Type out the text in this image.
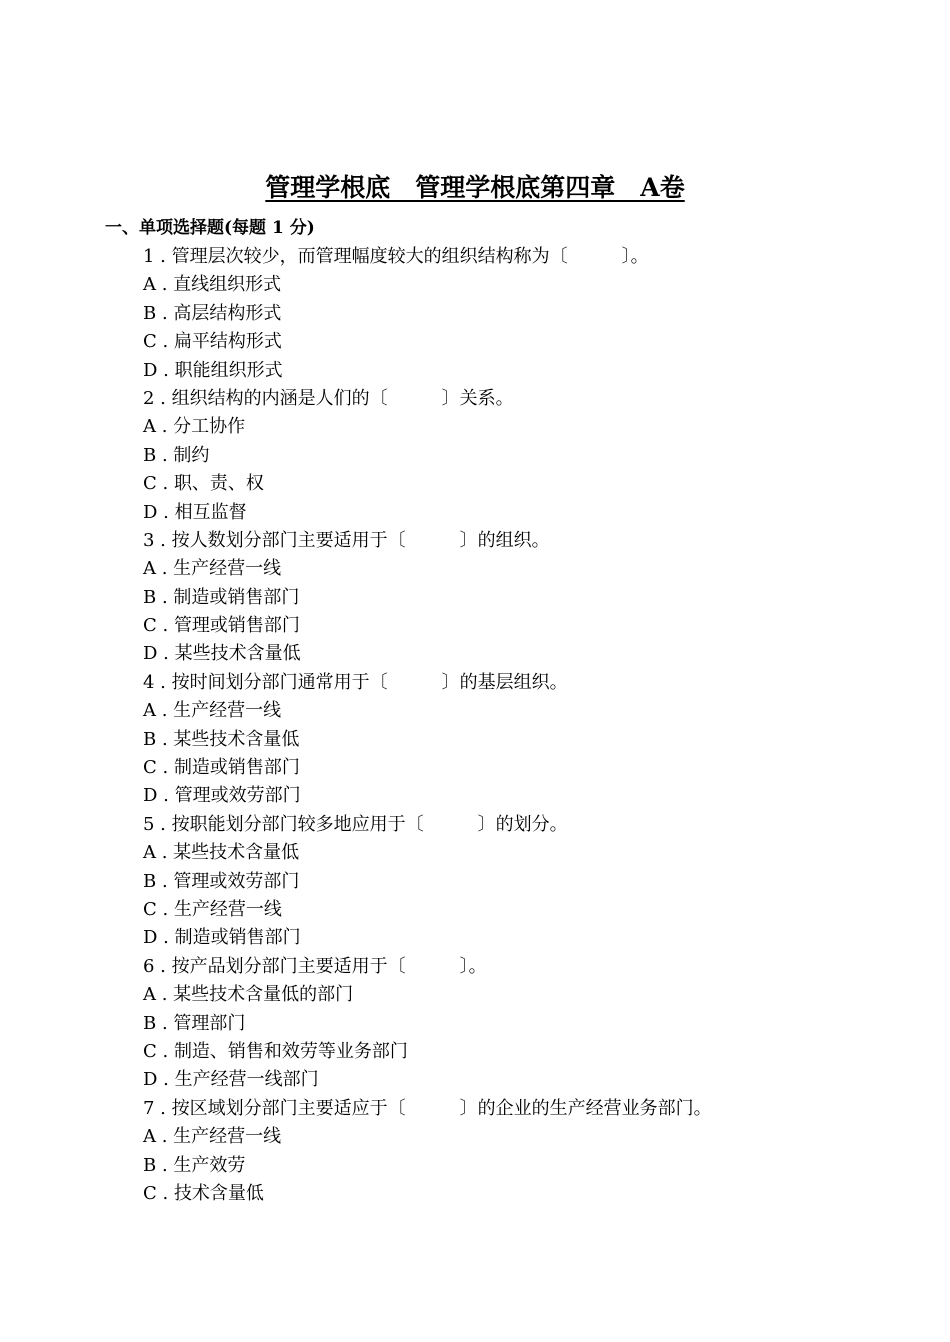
管理学根底　管理学根底第四章　A卷
一、单项选择题(每题 1 分)
1 . 管理层次较少，而管理幅度较大的组织结构称为〔　　　〕。
A . 直线组织形式
B . 高层结构形式
C . 扁平结构形式
D . 职能组织形式
2 . 组织结构的内涵是人们的〔　　　〕关系。
A . 分工协作
B . 制约
C . 职、责、权
D . 相互监督
3 . 按人数划分部门主要适用于〔　　　〕的组织。
A . 生产经营一线
B . 制造或销售部门
C . 管理或销售部门
D . 某些技术含量低
4 . 按时间划分部门通常用于〔　　　〕的基层组织。
A . 生产经营一线
B . 某些技术含量低
C . 制造或销售部门
D . 管理或效劳部门
5 . 按职能划分部门较多地应用于〔　　　〕的划分。
A . 某些技术含量低
B . 管理或效劳部门
C . 生产经营一线
D . 制造或销售部门
6 . 按产品划分部门主要适用于〔　　　〕。
A . 某些技术含量低的部门
B . 管理部门
C . 制造、销售和效劳等业务部门
D . 生产经营一线部门
7 . 按区域划分部门主要适应于〔　　　〕的企业的生产经营业务部门。
A . 生产经营一线
B . 生产效劳
C . 技术含量低
